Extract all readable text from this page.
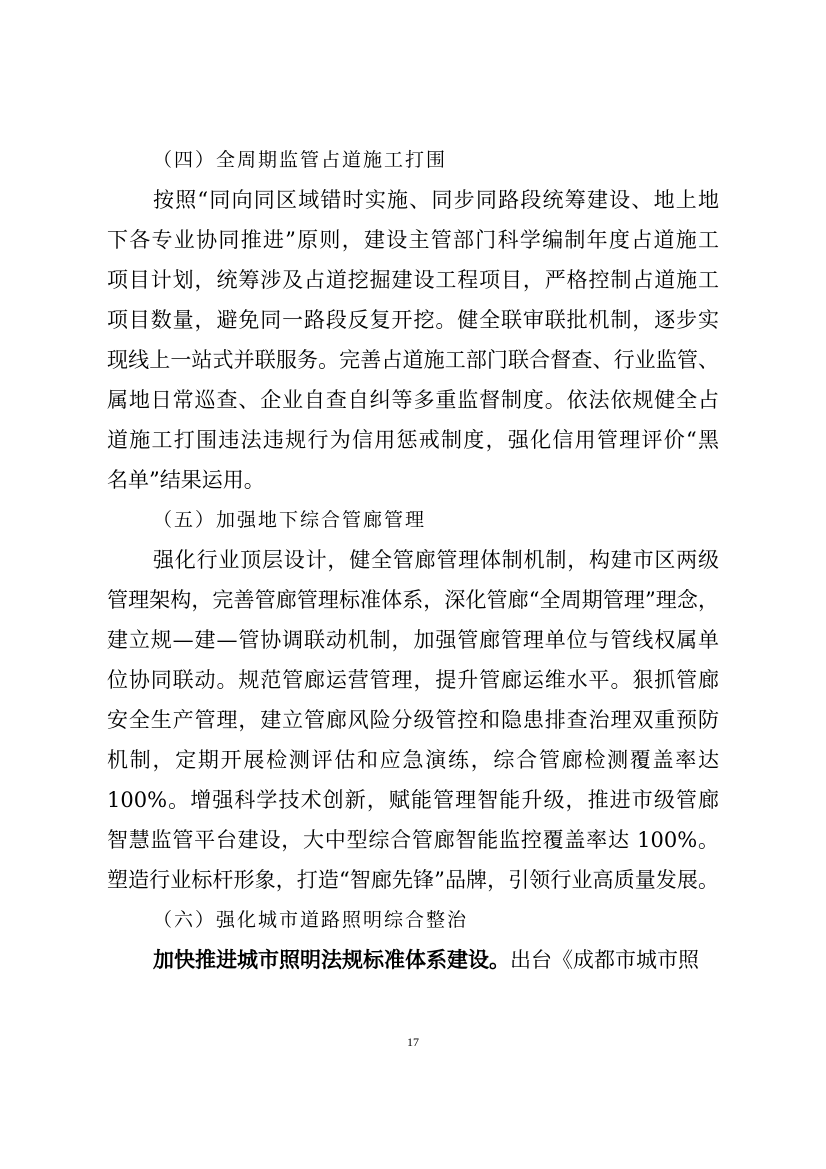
（四）全周期监管占道施工打围
按照“同向同区域错时实施、同步同路段统筹建设、地上地
下各专业协同推进”原则，建设主管部门科学编制年度占道施工
项目计划，统筹涉及占道挖掘建设工程项目，严格控制占道施工
项目数量，避免同一路段反复开挖。健全联审联批机制，逐步实
现线上一站式并联服务。完善占道施工部门联合督查、行业监管、
属地日常巡查、企业自查自纠等多重监督制度。依法依规健全占
道施工打围违法违规行为信用惩戒制度，强化信用管理评价“黑
名单”结果运用。
（五）加强地下综合管廊管理
强化行业顶层设计，健全管廊管理体制机制，构建市区两级
管理架构，完善管廊管理标准体系，深化管廊“全周期管理”理念，
建立规—建—管协调联动机制，加强管廊管理单位与管线权属单
位协同联动。规范管廊运营管理，提升管廊运维水平。狠抓管廊
安全生产管理，建立管廊风险分级管控和隐患排查治理双重预防
机制，定期开展检测评估和应急演练，综合管廊检测覆盖率达
100%。增强科学技术创新，赋能管理智能升级，推进市级管廊
智慧监管平台建设，大中型综合管廊智能监控覆盖率达 100%。
塑造行业标杆形象，打造“智廊先锋”品牌，引领行业高质量发展。
（六）强化城市道路照明综合整治
加快推进城市照明法规标准体系建设。出台《成都市城市照
17
